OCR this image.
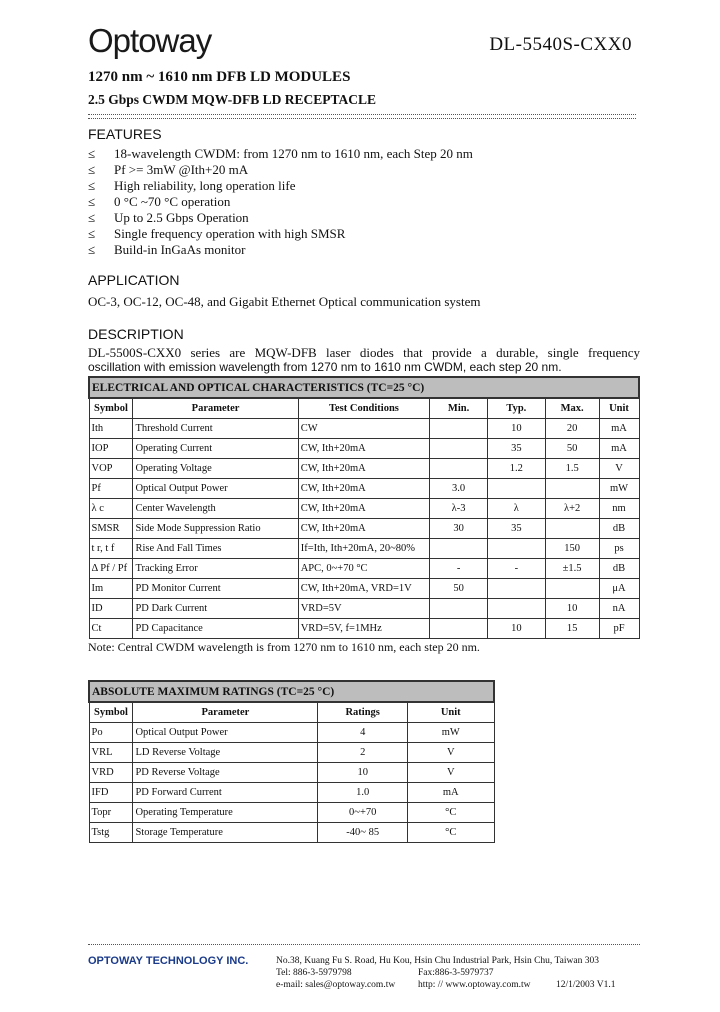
Optoway	DL-5540S-CXX0
1270 nm ~ 1610 nm DFB LD MODULES
2.5 Gbps CWDM MQW-DFB LD RECEPTACLE
FEATURES
≤	18-wavelength CWDM: from 1270 nm to 1610 nm, each Step 20 nm
≤	Pf >= 3mW @Ith+20 mA
≤	High reliability, long operation life
≤	0 °C ~70 °C operation
≤	Up to 2.5 Gbps Operation
≤	Single frequency operation with high SMSR
≤	Build-in InGaAs monitor
APPLICATION
OC-3, OC-12, OC-48, and Gigabit Ethernet Optical communication system
DESCRIPTION
DL-5500S-CXX0 series are MQW-DFB laser diodes that provide a durable, single frequency
oscillation with emission wavelength from 1270 nm to 1610 nm CWDM, each step 20 nm.
ELECTRICAL AND OPTICAL CHARACTERISTICS (TC=25 °C)						
Symbol	Parameter	Test Conditions	Min.	Typ.	Max.	Unit
Ith	Threshold Current	CW		10	20	mA
IOP	Operating Current	CW, Ith+20mA		35	50	mA
VOP	Operating Voltage	CW, Ith+20mA		1.2	1.5	V
Pf	Optical Output Power	CW, Ith+20mA	3.0			mW
λ c	Center Wavelength	CW, Ith+20mA	λ-3	λ	λ+2	nm
SMSR	Side Mode Suppression Ratio	CW, Ith+20mA	30	35		dB
t r, t f	Rise And Fall Times	If=Ith, Ith+20mA, 20~80%			150	ps
Δ Pf / Pf	Tracking Error	APC, 0~+70 °C	-	-	±1.5	dB
Im	PD Monitor Current	CW, Ith+20mA, VRD=1V	50			μA
ID	PD Dark Current	VRD=5V			10	nA
Ct	PD Capacitance	VRD=5V, f=1MHz		10	15	pF
Note: Central CWDM wavelength is from 1270 nm to 1610 nm, each step 20 nm.
ABSOLUTE MAXIMUM RATINGS (TC=25 °C)			
Symbol	Parameter	Ratings	Unit
Po	Optical Output Power	4	mW
VRL	LD Reverse Voltage	2	V
VRD	PD Reverse Voltage	10	V
IFD	PD Forward Current	1.0	mA
Topr	Operating Temperature	0~+70	°C
Tstg	Storage Temperature	-40~ 85	°C
OPTOWAY TECHNOLOGY INC.	No.38, Kuang Fu S. Road, Hu Kou, Hsin Chu Industrial Park, Hsin Chu, Taiwan 303
Tel: 886-3-5979798	Fax:886-3-5979737
e-mail: sales@optoway.com.tw http: // www.optoway.com.tw	12/1/2003 V1.1
